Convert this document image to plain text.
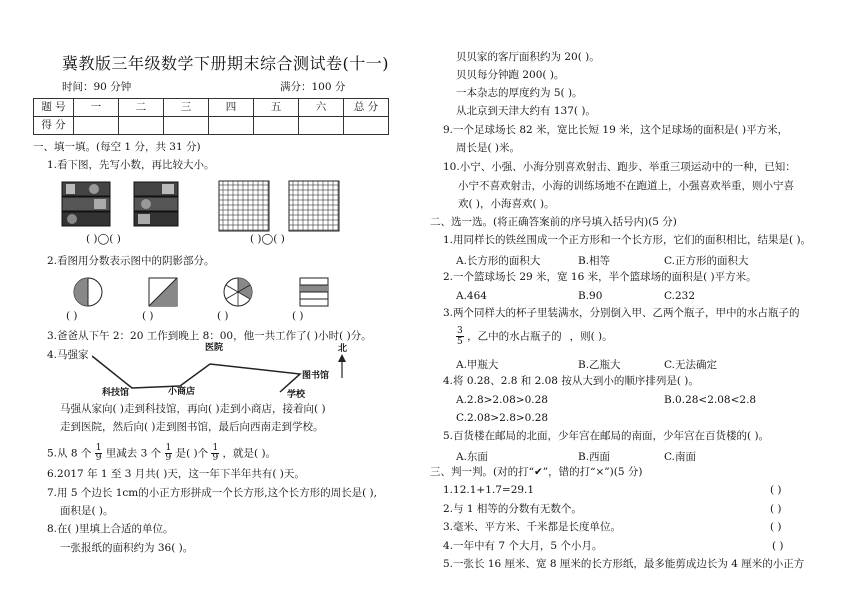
冀教版三年级数学下册期末综合测试卷(十一)
时间：90 分钟	满分：100 分
题 号	一	二	三	四	五	六	总 分
得 分							
一、填一填。(每空 1 分，共 31 分)
1.看下图，先写小数，再比较大小。
( )◯( )	( )◯( )
2.看图用分数表示图中的阴影部分。
( )	( )	( )	( )
3.爸爸从下午 2：20 工作到晚上 8：00，他一共工作了( )小时( )分。
4.马强家
医院
图书馆
科技馆	小商店	学校
北
马强从家向( )走到科技馆，再向( )走到小商店，接着向( )
走到医院，然后向( )走到图书馆，最后向西南走到学校。
5.从 8 个 $\frac{1}{9}$ 里减去 3 个 $\frac{1}{9}$ 是( )个 $\frac{1}{9}$ ，就是( )。
6.2017 年 1 至 3 月共( )天，这一年下半年共有( )天。
7.用 5 个边长 1cm的小正方形拼成一个长方形,这个长方形的周长是( ),
面积是( )。
8.在( )里填上合适的单位。
一张报纸的面积约为 36( )。
贝贝家的客厅面积约为 20( )。
贝贝每分钟跑 200( )。
一本杂志的厚度约为 5( )。
从北京到天津大约有 137( )。
9.一个足球场长 82 米，宽比长短 19 米，这个足球场的面积是( )平方米，
周长是( )米。
10.小宁、小强、小海分别喜欢射击、跑步、举重三项运动中的一种，已知：
小宁不喜欢射击，小海的训练场地不在跑道上，小强喜欢举重，则小宁喜
欢( )，小海喜欢( )。
二、选一选。(将正确答案前的序号填入括号内)(5 分)
1.用同样长的铁丝围成一个正方形和一个长方形，它们的面积相比，结果是( )。
A.长方形的面积大	B.相等	C.正方形的面积大
2.一个篮球场长 29 米，宽 16 米，半个篮球场的面积是( )平方米。
A.464	B.90	C.232
3.两个同样大的杯子里装满水，分别倒入甲、乙两个瓶子，甲中的水占瓶子的
$\frac{3}{5}$ ，乙中的水占瓶子的 ，则( )。
A.甲瓶大	B.乙瓶大	C.无法确定
4.将 0.28、2.8 和 2.08 按从大到小的顺序排列是( )。
A.2.8>2.08>0.28	B.0.28<2.08<2.8
C.2.08>2.8>0.28
5.百货楼在邮局的北面，少年宫在邮局的南面，少年宫在百货楼的( )。
A.东面	B.西面	C.南面
三、判一判。(对的打“✔”，错的打“×”)(5 分)
1.12.1+1.7=29.1	( )
2.与 1 相等的分数有无数个。	( )
3.毫米、平方米、千米都是长度单位。	( )
4.一年中有 7 个大月，5 个小月。	( )
5.一张长 16 厘米、宽 8 厘米的长方形纸，最多能剪成边长为 4 厘米的小正方
